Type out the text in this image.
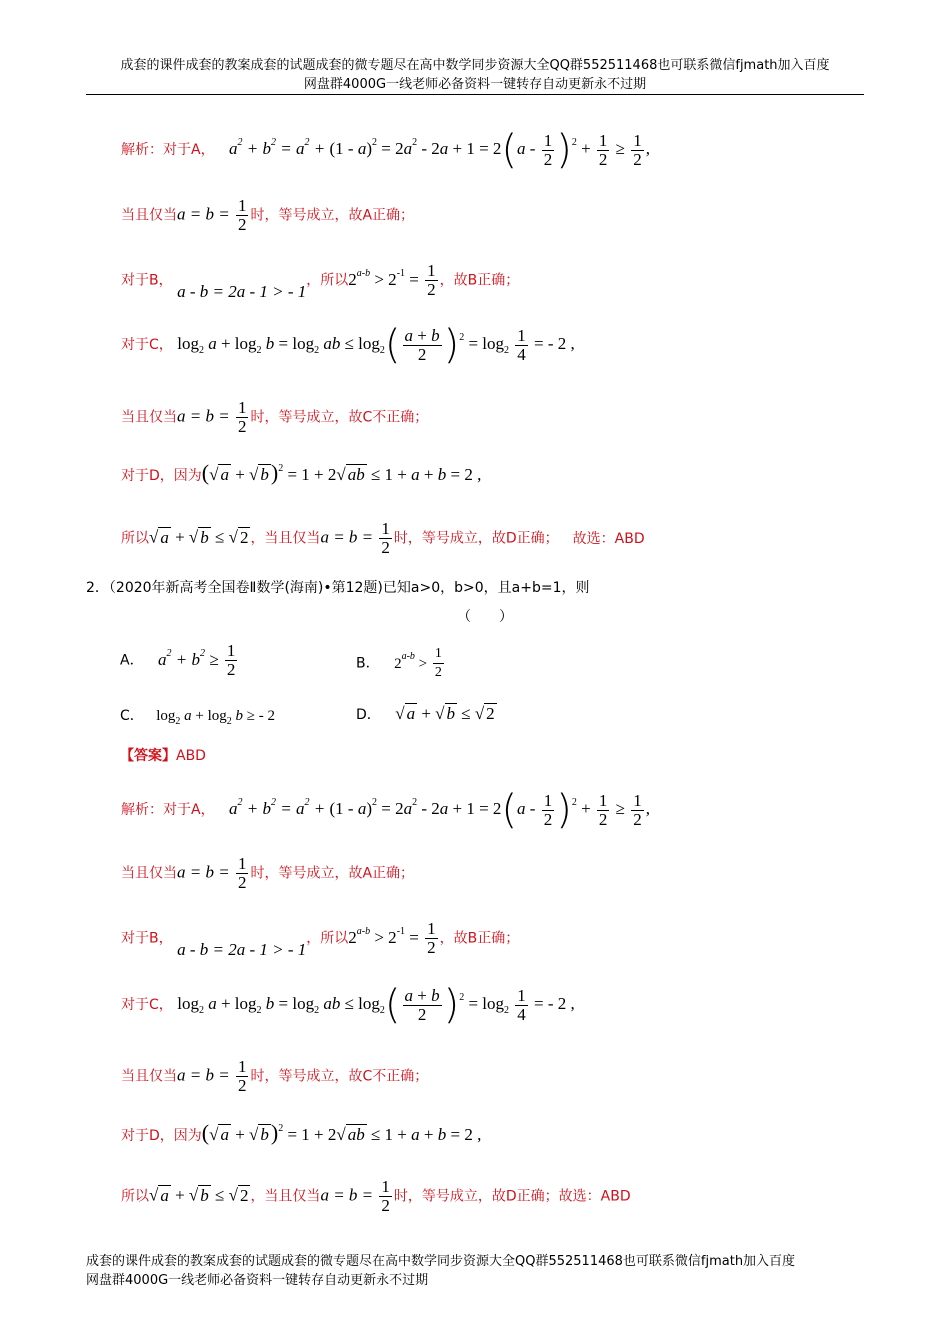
成套的课件成套的教案成套的试题成套的微专题尽在高中数学同步资源大全QQ群552511468也可联系微信fjmath加入百度
网盘群4000G一线老师必备资料一键转存自动更新永不过期
解析：对于A， $a^2 + b^2 = a^2 + (1 - a)^2 = 2a^2 - 2a + 1 = 2(a - \frac{1}{2} )^2 + \frac{1}{2} \ge \frac{1}{2}$ ,
当且仅当$a = b = \frac{1}{2}$ 时，等号成立，故A正确；
对于B， a - b = 2a - 1 > - 1，所以$2^{a-b} > 2^{-1} = \frac{1}{2}$ ，故B正确；
对于C， $\log_2 a + \log_2 b = \log_2$ ab ≤ $\log_2( \frac{a + b}{2} )^2 = \log_2 \frac{1}{4}$ = - 2 ,
当且仅当$a = b = \frac{1}{2}$ 时，等号成立，故C不正确；
对于D，因为(√ a + √ b)$^2$ = 1 + 2√ ab ≤ 1 + a + b = 2 ,
所以√ a + √ b ≤ √ 2 ，当且仅当$a = b = \frac{1}{2}$ 时，等号成立，故D正确； 故选：ABD
2．（2020年新高考全国卷Ⅱ数学(海南)•第12题)已知a>0，b>0，且a+b=1，则
（　　）
A． $a^2 + b^2 \ge \frac{1}{2}$	B． $2^{a-b} > \frac{1}{2}$
C． $\log_2 a + \log_2 b$ ≥ - 2	D． √ a + √ b ≤ √ 2
【答案】ABD
解析：对于A， $a^2 + b^2 = a^2 + (1 - a)^2 = 2a^2 - 2a + 1 = 2(a - \frac{1}{2} )^2 + \frac{1}{2} \ge \frac{1}{2}$ ,
当且仅当$a = b = \frac{1}{2}$ 时，等号成立，故A正确；
对于B， a - b = 2a - 1 > - 1，所以$2^{a-b} > 2^{-1} = \frac{1}{2}$ ，故B正确；
对于C， $\log_2 a + \log_2 b = \log_2$ ab ≤ $\log_2( \frac{a + b}{2} )^2 = \log_2 \frac{1}{4}$ = - 2 ,
当且仅当$a = b = \frac{1}{2}$ 时，等号成立，故C不正确；
对于D，因为(√ a + √ b)$^2$ = 1 + 2√ ab ≤ 1 + a + b = 2 ,
所以√ a + √ b ≤ √ 2 ，当且仅当$a = b = \frac{1}{2}$ 时，等号成立，故D正确；故选：ABD
成套的课件成套的教案成套的试题成套的微专题尽在高中数学同步资源大全QQ群552511468也可联系微信fjmath加入百度
网盘群4000G一线老师必备资料一键转存自动更新永不过期
